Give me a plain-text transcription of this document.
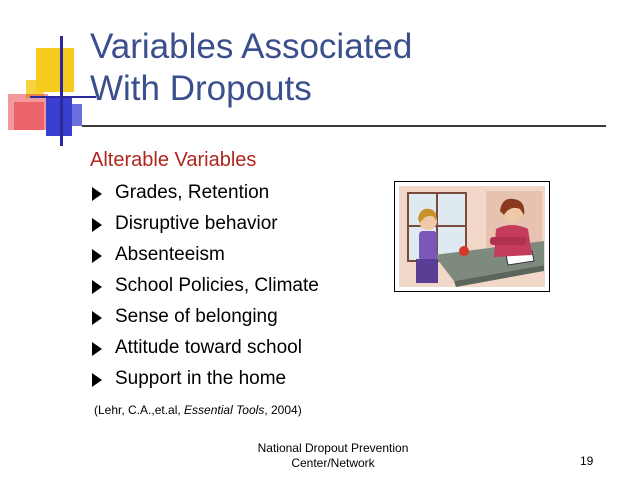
Variables Associated
With Dropouts
Alterable Variables
Grades, Retention
Disruptive behavior
Absenteeism
School Policies, Climate
Sense of belonging
Attitude toward school
Support in the home
(Lehr, C.A.,et.al, Essential Tools, 2004)
National Dropout Prevention
Center/Network	19
